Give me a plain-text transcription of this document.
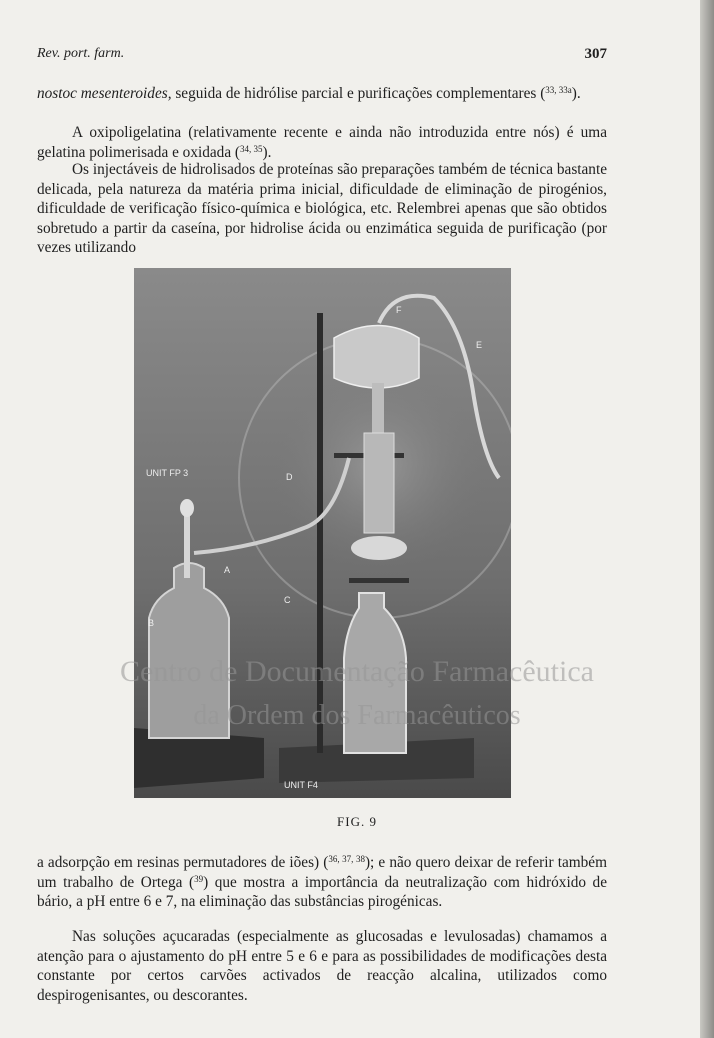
Rev. port. farm.	307

nostoc mesenteroides, seguida de hidrólise parcial e purificações complementares ($^{33, 33a}$).

A oxipoligelatina (relativamente recente e ainda não introduzida entre nós) é uma gelatina polimerisada e oxidada ($^{34, 35}$).

Os injectáveis de hidrolisados de proteínas são preparações também de técnica bastante delicada, pela natureza da matéria prima inicial, dificuldade de eliminação de pirogénios, dificuldade de verificação físico-química e biológica, etc. Relembrei apenas que são obtidos sobretudo a partir da caseína, por hidrolise ácida ou enzimática seguida de purificação (por vezes utilizando

UNIT FP 3
UNIT F4
A
B
C
D
E
F
FIG. 9

a adsorpção em resinas permutadores de iões) ($^{36, 37, 38}$); e não quero deixar de referir também um trabalho de Ortega ($^{39}$) que mostra a importância da neutralização com hidróxido de bário, a pH entre 6 e 7, na eliminação das substâncias pirogénicas.

Nas soluções açucaradas (especialmente as glucosadas e levulosadas) chamamos a atenção para o ajustamento do pH entre 5 e 6 e para as possibilidades de modificações desta constante por certos carvões activados de reacção alcalina, utilizados como despirogenisantes, ou descorantes.

Centro de Documentação Farmacêutica
da Ordem dos Farmacêuticos
